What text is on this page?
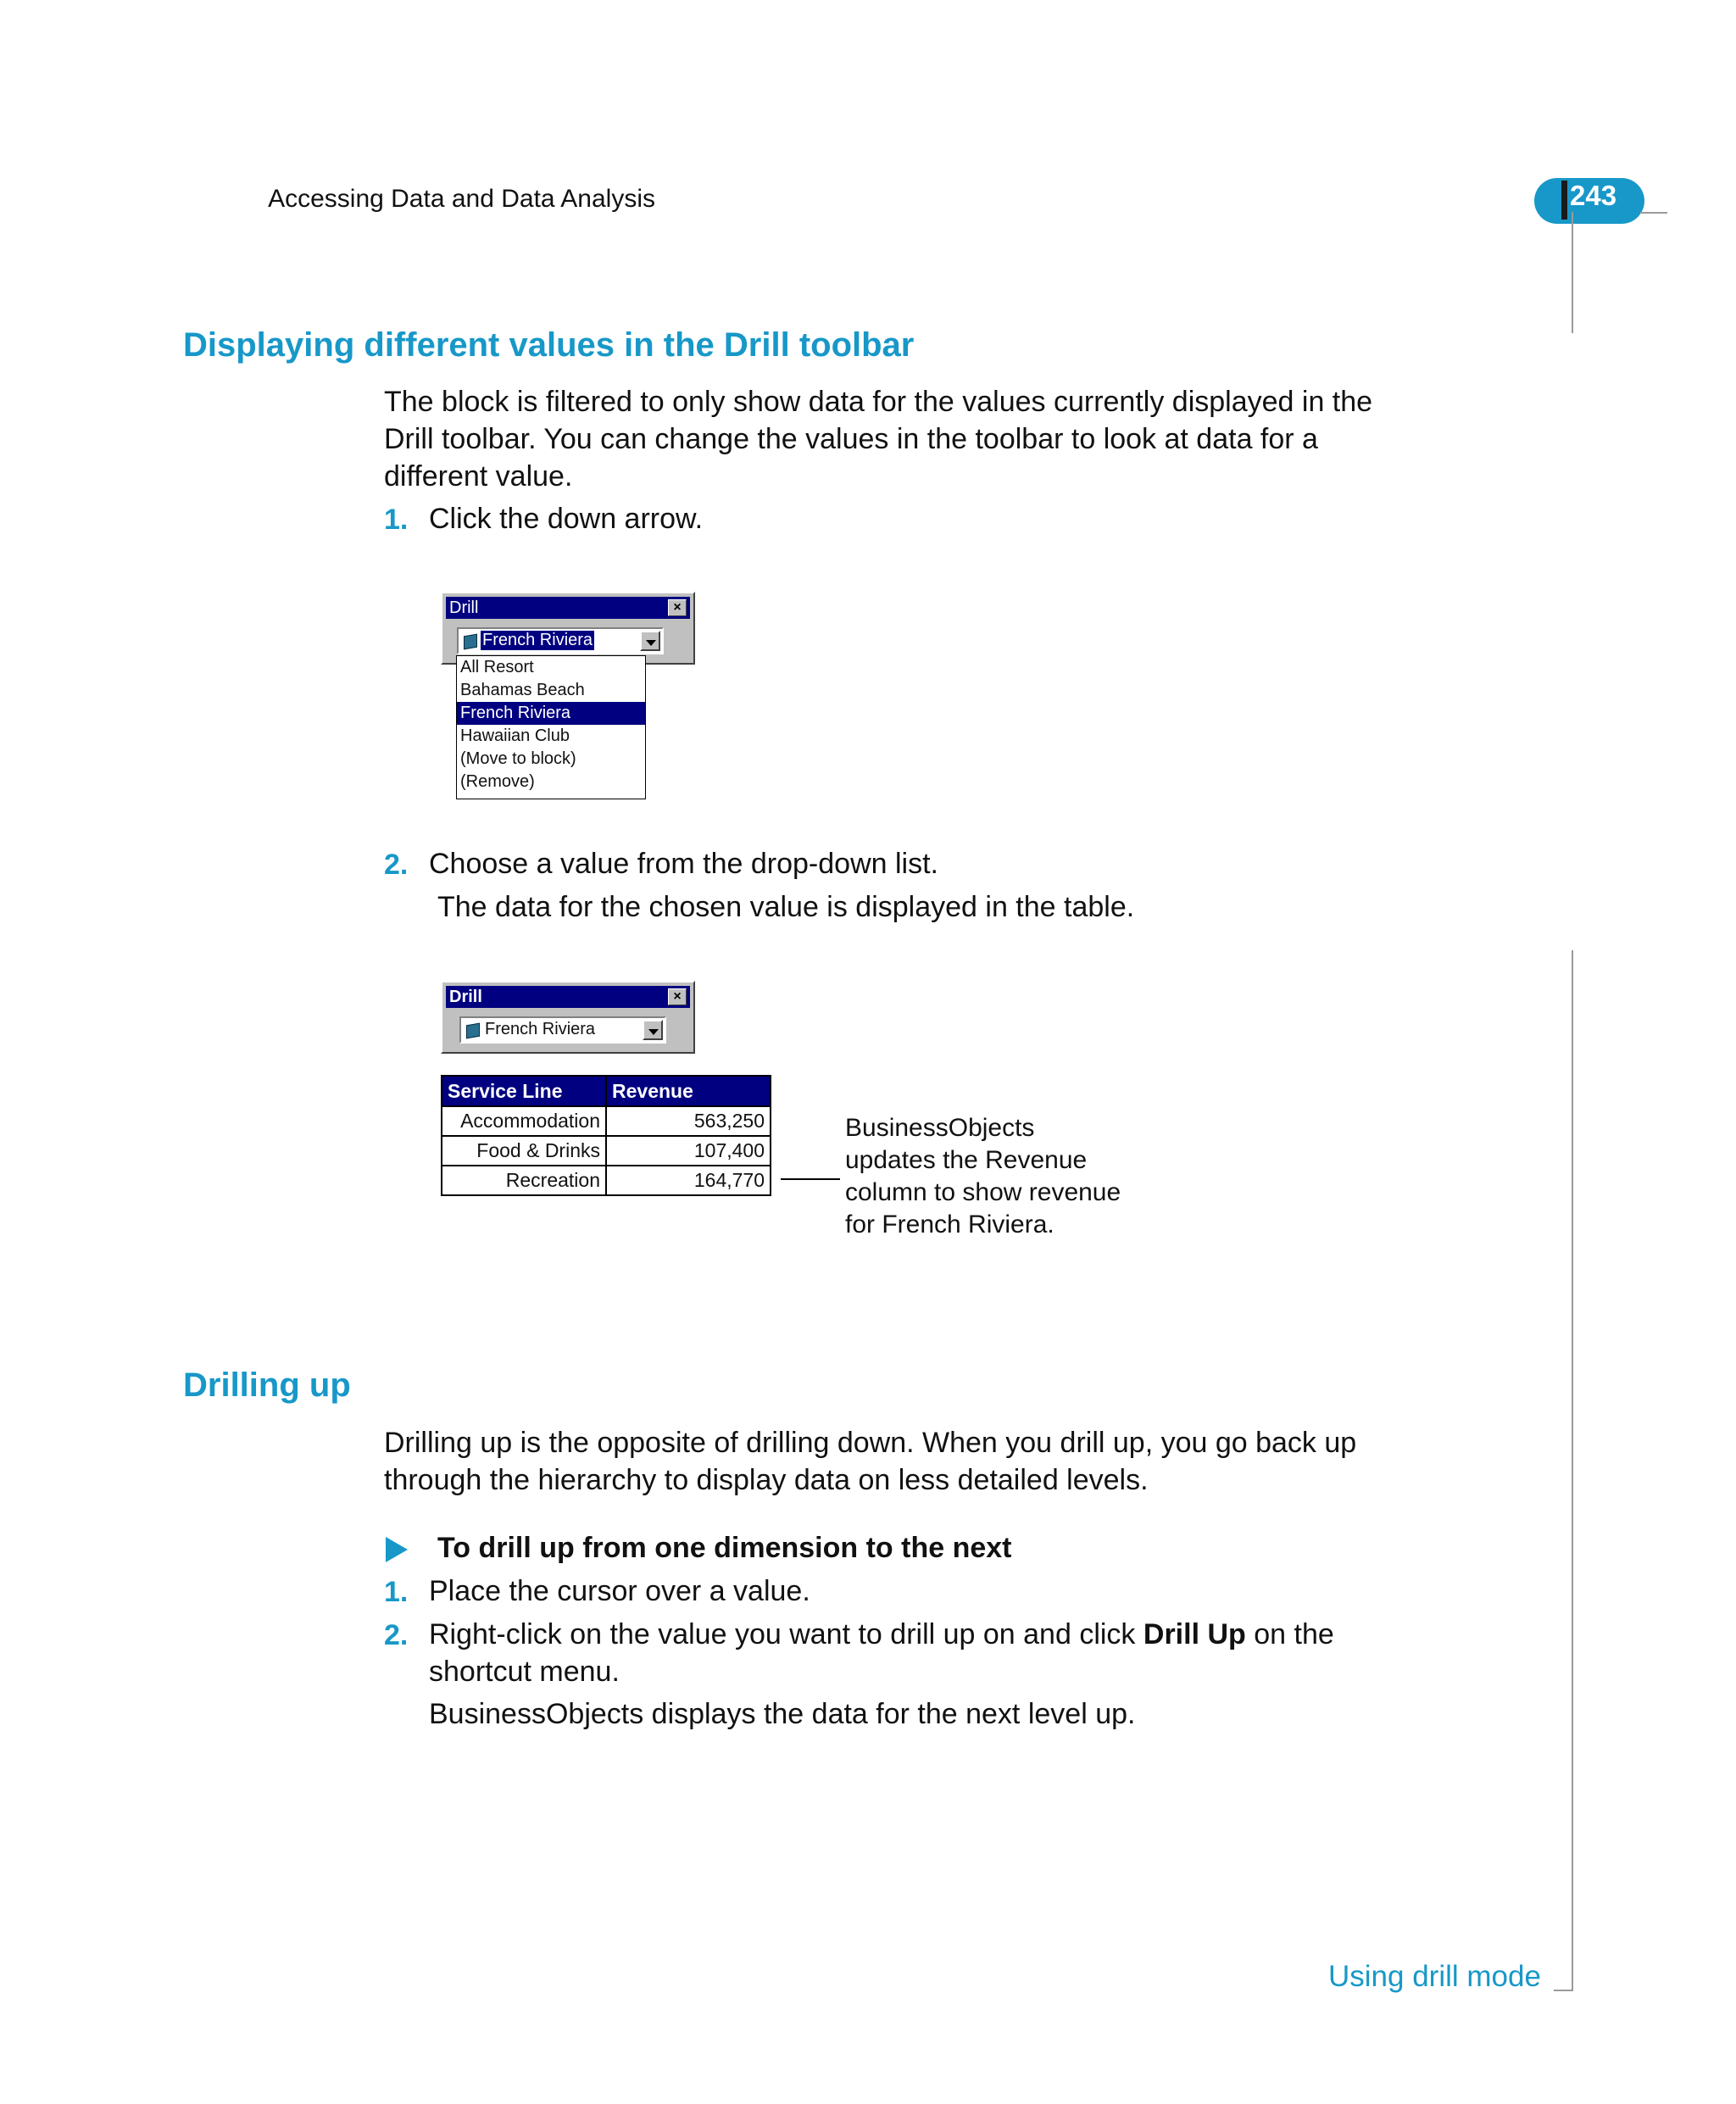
Accessing Data and Data Analysis	243
Displaying different values in the Drill toolbar
The block is filtered to only show data for the values currently displayed in the
Drill toolbar. You can change the values in the toolbar to look at data for a
different value.
1. Click the down arrow.
Drill	×
French Riviera
All Resort
Bahamas Beach
French Riviera
Hawaiian Club
(Move to block)
(Remove)
2. Choose a value from the drop-down list.
The data for the chosen value is displayed in the table.
Drill	×
French Riviera
Service Line	Revenue
Accommodation	563,250
Food & Drinks	107,400
Recreation	164,770
BusinessObjects
updates the Revenue
column to show revenue
for French Riviera.
Drilling up
Drilling up is the opposite of drilling down. When you drill up, you go back up
through the hierarchy to display data on less detailed levels.
To drill up from one dimension to the next
1. Place the cursor over a value.
2. Right-click on the value you want to drill up on and click Drill Up on the
shortcut menu.
BusinessObjects displays the data for the next level up.
Using drill mode
